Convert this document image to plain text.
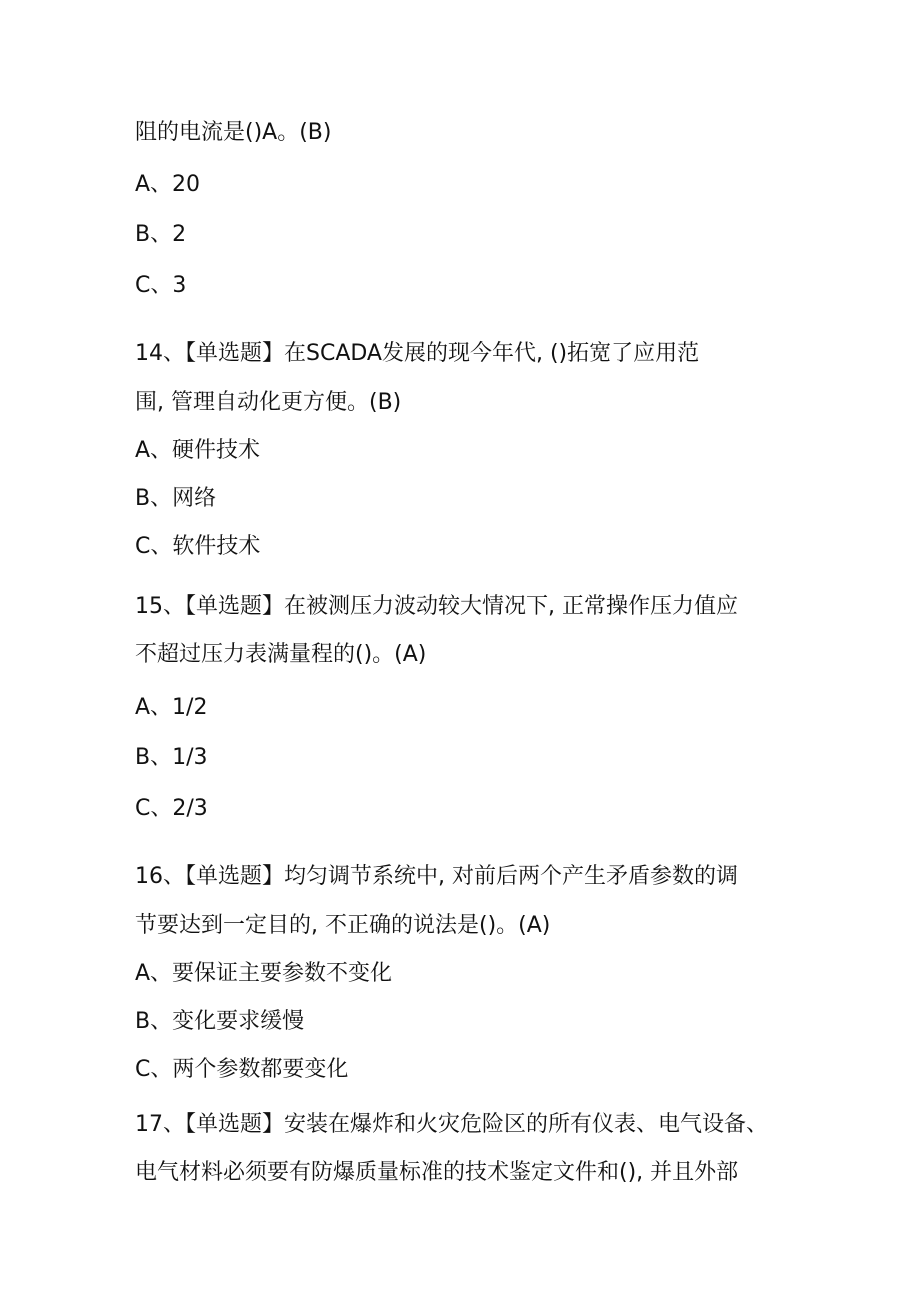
阻的电流是()A。(B)
A、20
B、2
C、3
14、【单选题】在SCADA发展的现今年代, ()拓宽了应用范
围, 管理自动化更方便。(B)
A、硬件技术
B、网络
C、软件技术
15、【单选题】在被测压力波动较大情况下, 正常操作压力值应
不超过压力表满量程的()。(A)
A、1/2
B、1/3
C、2/3
16、【单选题】均匀调节系统中, 对前后两个产生矛盾参数的调
节要达到一定目的, 不正确的说法是()。(A)
A、要保证主要参数不变化
B、变化要求缓慢
C、两个参数都要变化
17、【单选题】安装在爆炸和火灾危险区的所有仪表、电气设备、
电气材料必须要有防爆质量标准的技术鉴定文件和(), 并且外部
